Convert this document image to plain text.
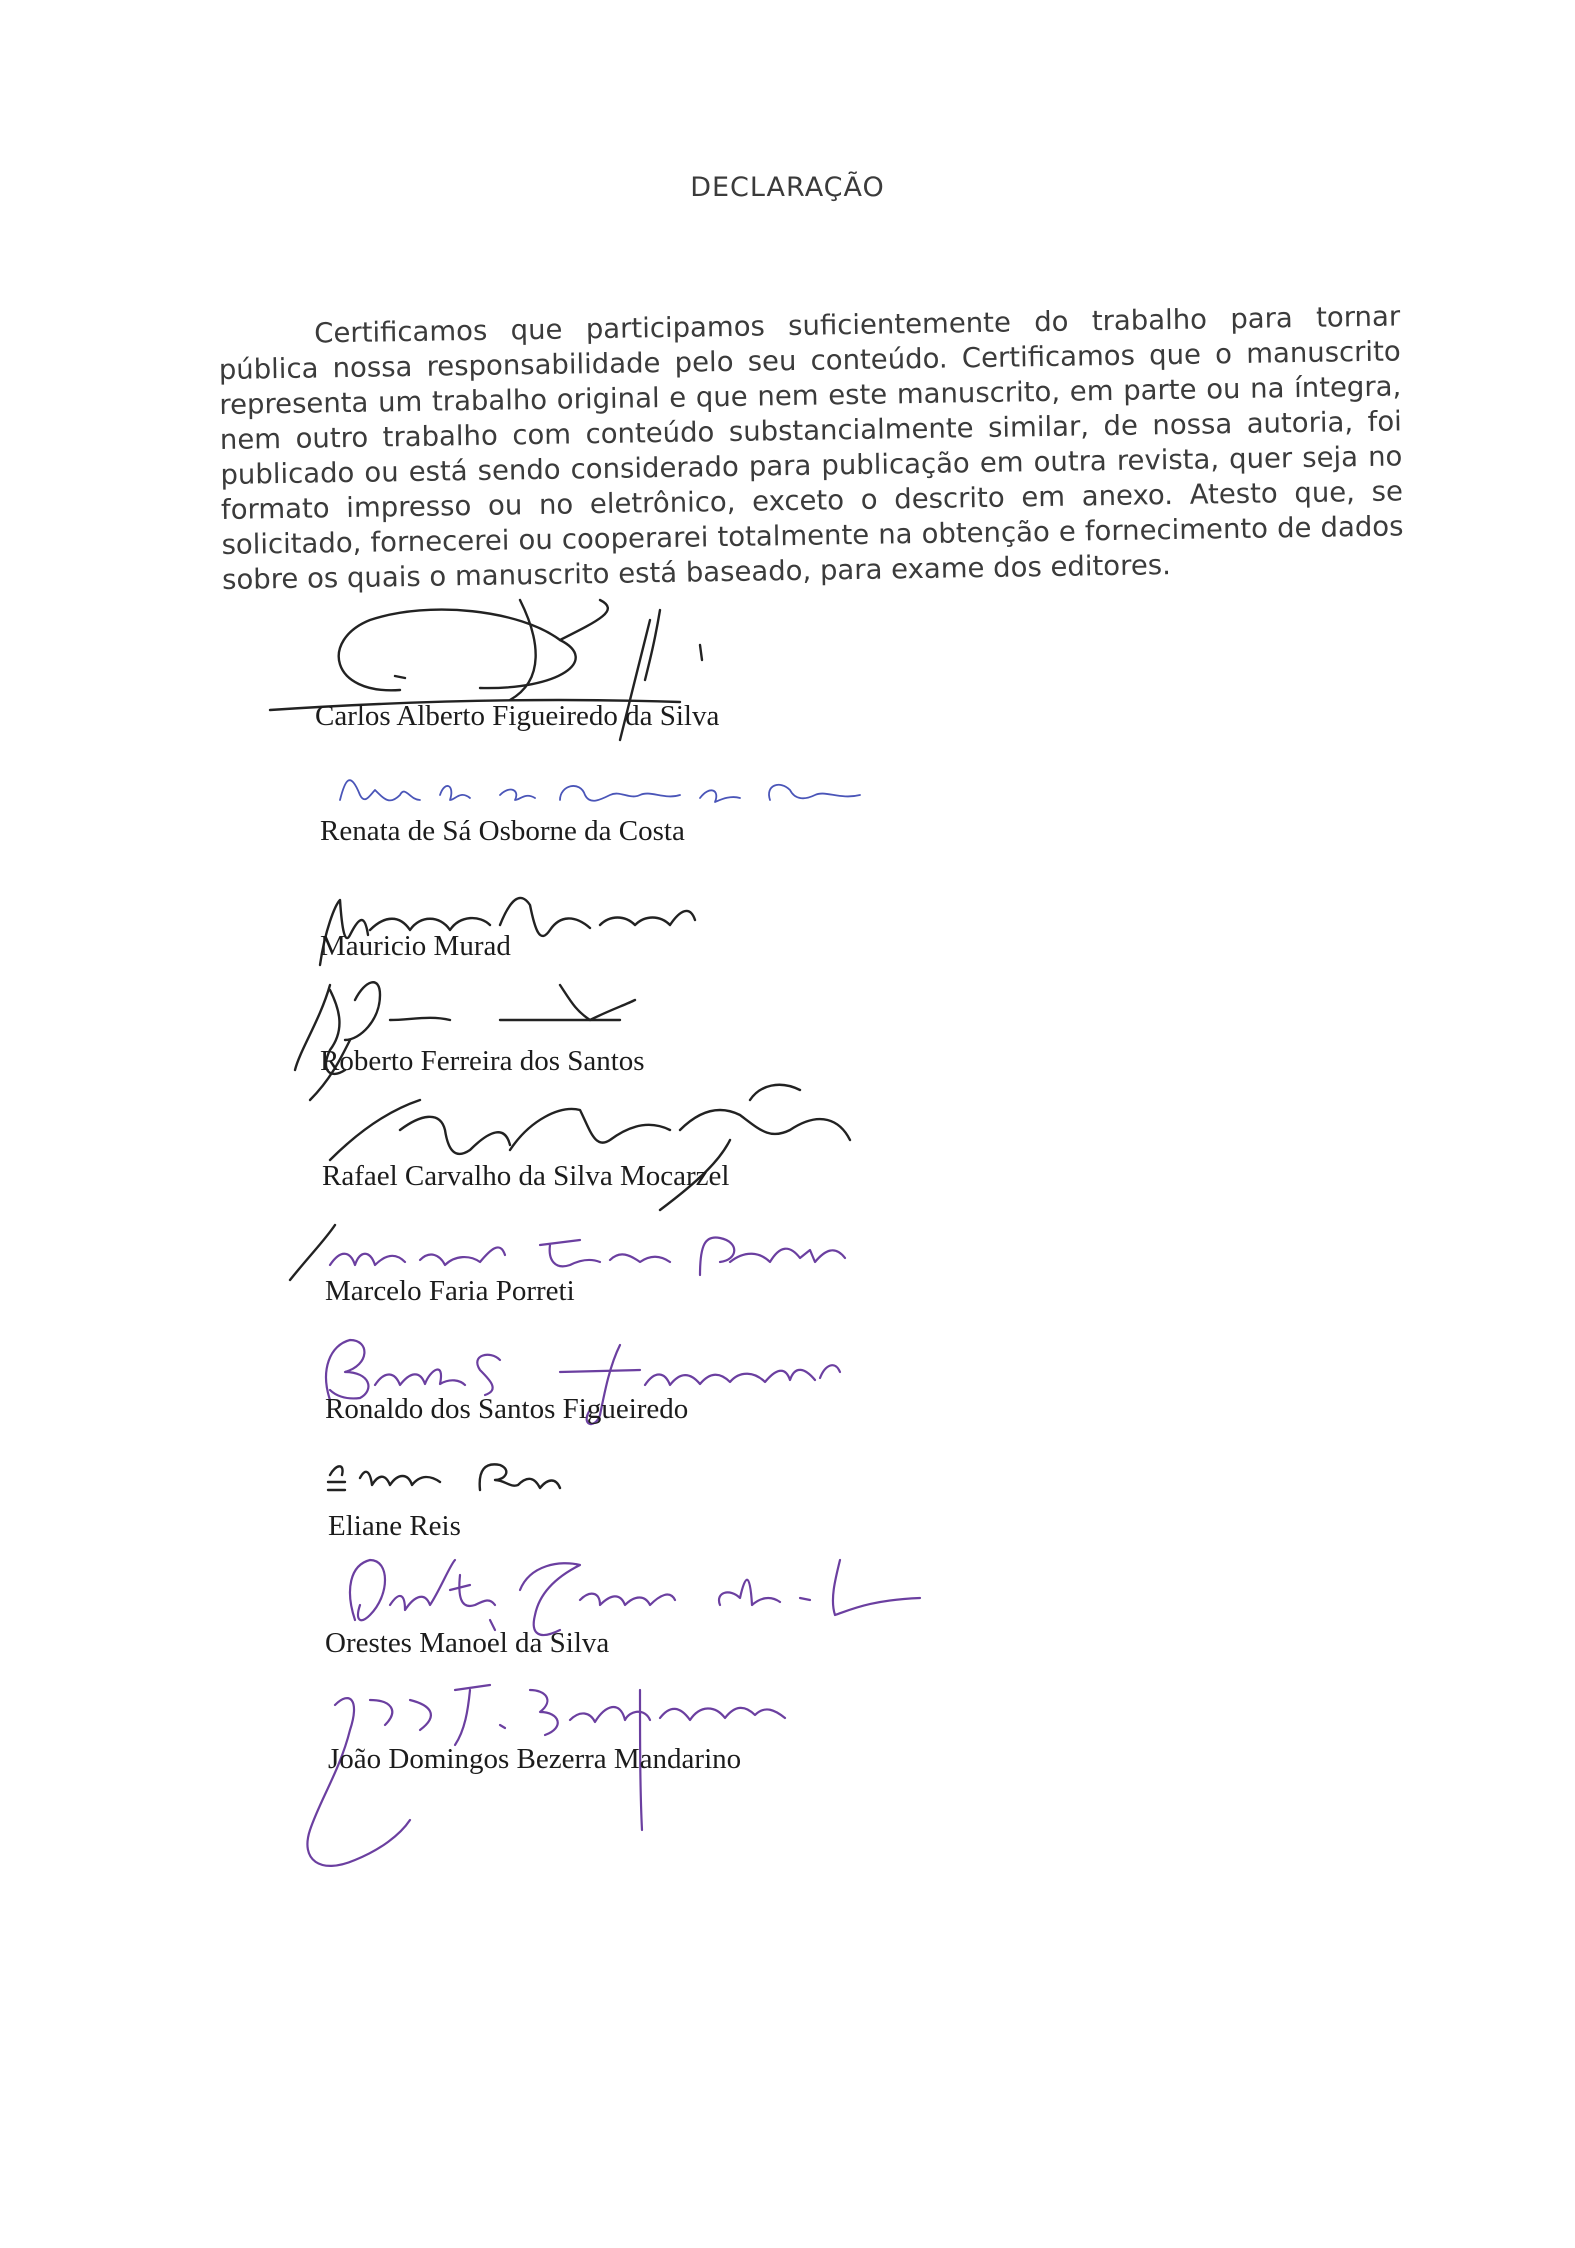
DECLARAÇÃO
Certificamos que participamos suficientemente do trabalho para tornar pública nossa responsabilidade pelo seu conteúdo. Certificamos que o manuscrito representa um trabalho original e que nem este manuscrito, em parte ou na íntegra, nem outro trabalho com conteúdo substancialmente similar, de nossa autoria, foi publicado ou está sendo considerado para publicação em outra revista, quer seja no formato impresso ou no eletrônico, exceto o descrito em anexo. Atesto que, se solicitado, fornecerei ou cooperarei totalmente na obtenção e fornecimento de dados sobre os quais o manuscrito está baseado, para exame dos editores.
Carlos Alberto Figueiredo da Silva
Renata de Sá Osborne da Costa
Mauricio Murad
Roberto Ferreira dos Santos
Rafael Carvalho da Silva Mocarzel
Marcelo Faria Porreti
Ronaldo dos Santos Figueiredo
Eliane Reis
Orestes Manoel da Silva
João Domingos Bezerra Mandarino
